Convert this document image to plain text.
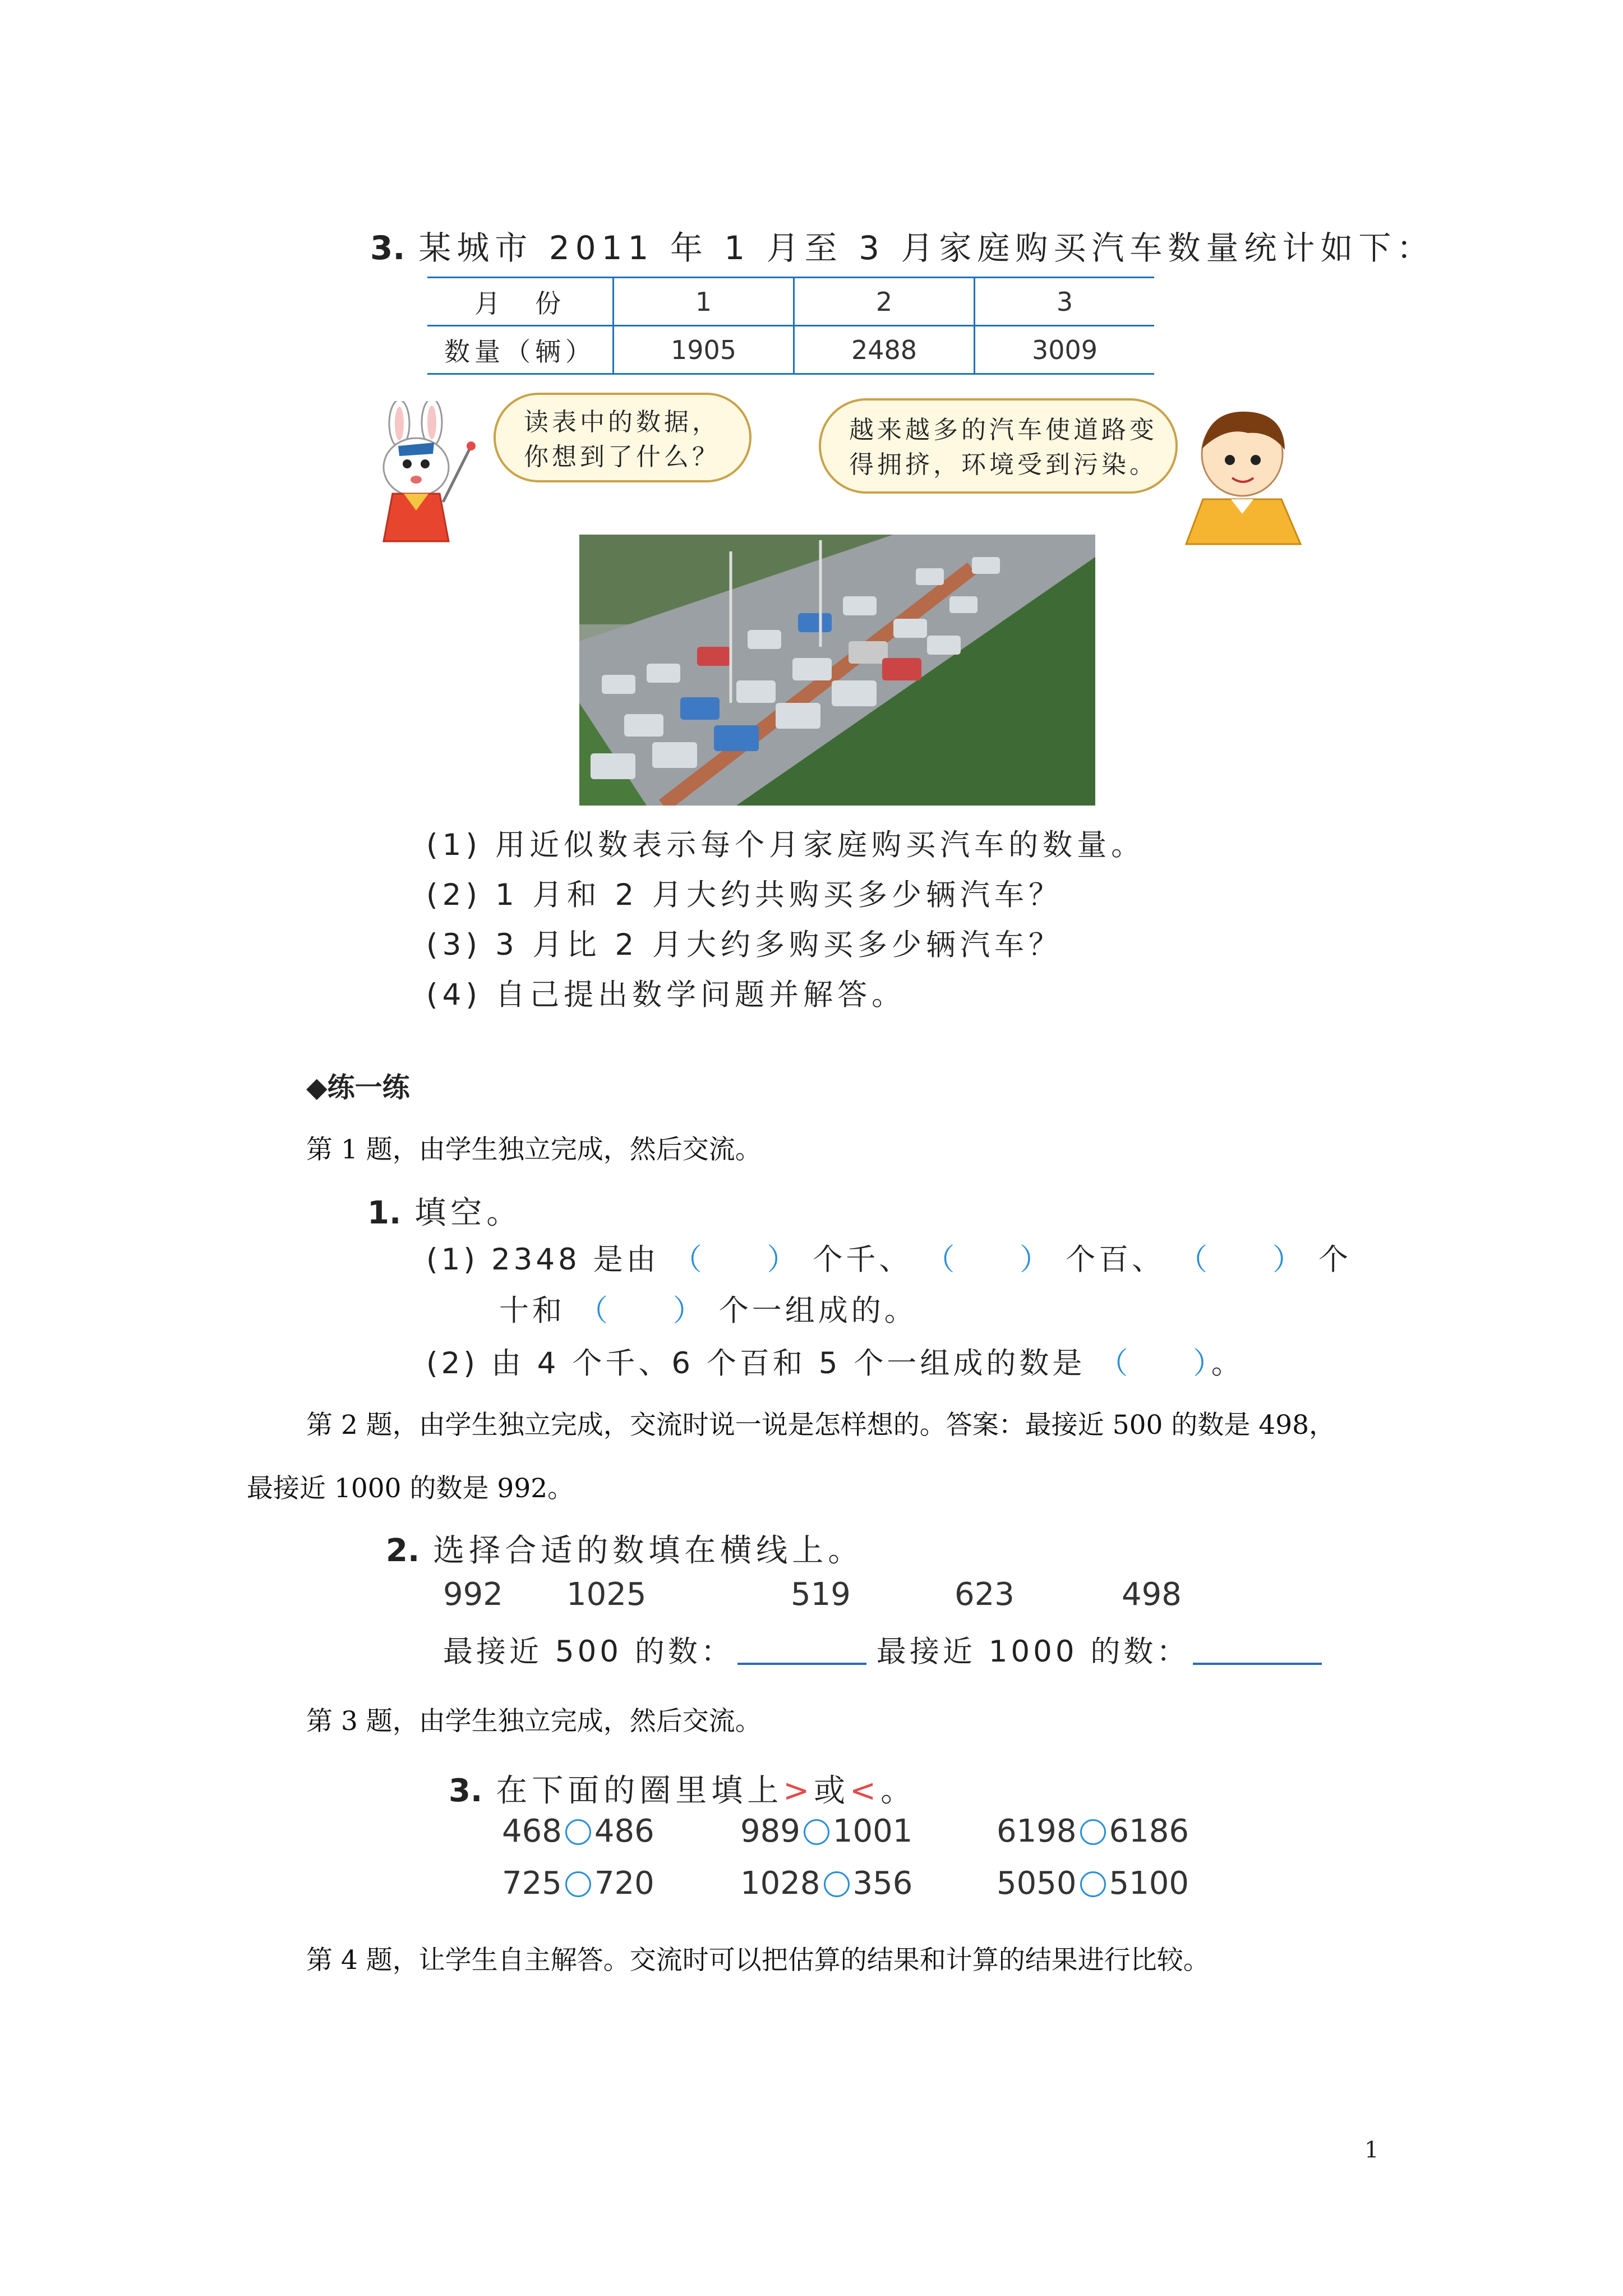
3. 某城市 2011 年 1 月至 3 月家庭购买汽车数量统计如下：
月　份	1	2	3
数量（辆）	1905	2488	3009
读表中的数据，
你想到了什么？
越来越多的汽车使道路变
得拥挤，环境受到污染。
(1) 用近似数表示每个月家庭购买汽车的数量。
(2) 1 月和 2 月大约共购买多少辆汽车？
(3) 3 月比 2 月大约多购买多少辆汽车？
(4) 自己提出数学问题并解答。
◆练一练
第 1 题，由学生独立完成，然后交流。
1. 填空。
(1) 2348 是由 （ ） 个千、 （ ） 个百、 （ ） 个
十和 （ ） 个一组成的。
(2) 由 4 个千、6 个百和 5 个一组成的数是 （ ）。
第 2 题，由学生独立完成，交流时说一说是怎样想的。答案：最接近 500 的数是 498，
最接近 1000 的数是 992。
2. 选择合适的数填在横线上。
992 1025	519	623	498
最接近 500 的数：	最接近 1000 的数：
第 3 题，由学生独立完成，然后交流。
3. 在下面的圈里填上>或<。
468 486	989 1001	6198 6186
725 720	1028 356	5050 5100
第 4 题，让学生自主解答。交流时可以把估算的结果和计算的结果进行比较。
1
